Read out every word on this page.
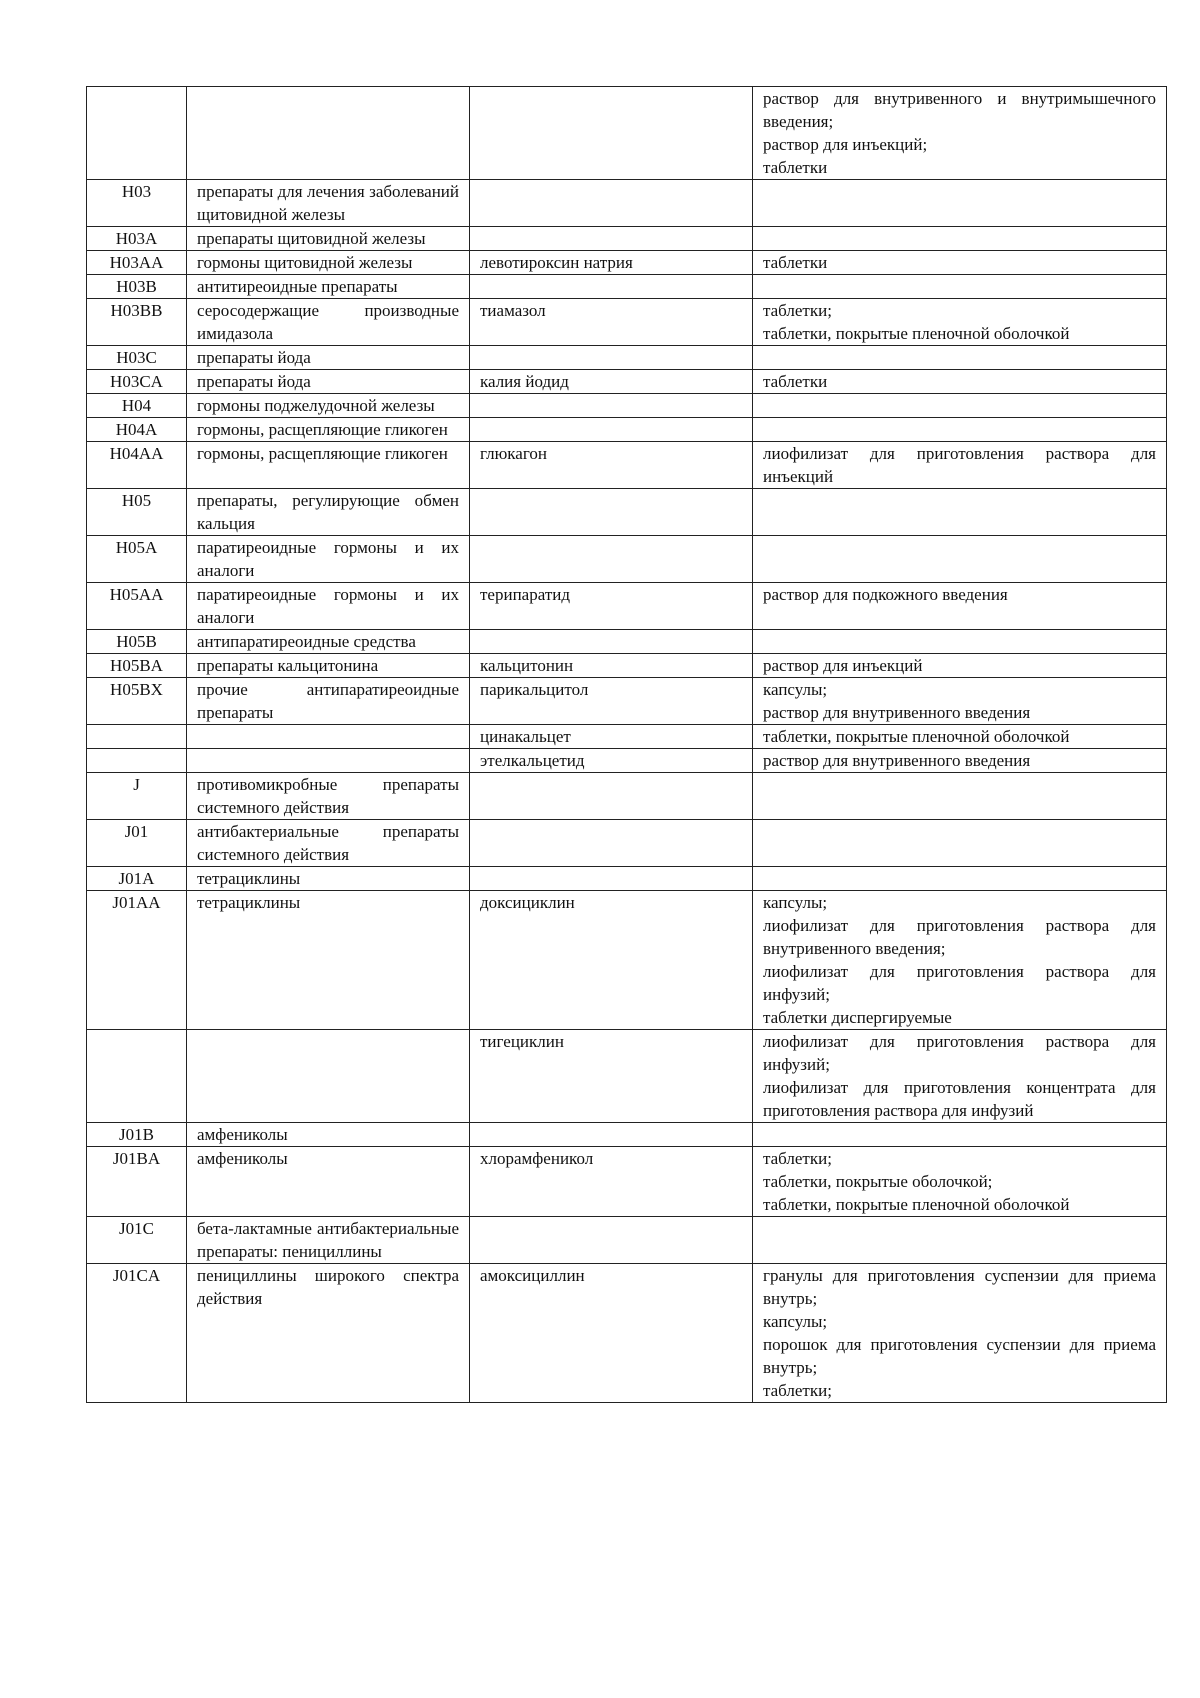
			раствор для внутривенного и внутримышечного введения;
раствор для инъекций;
таблетки

H03	препараты для лечения заболеваний щитовидной железы		
H03A	препараты щитовидной железы		
H03AA	гормоны щитовидной железы	левотироксин натрия	таблетки

H03B	антитиреоидные препараты		
H03BB	серосодержащие производные имидазола	тиамазол	таблетки;
таблетки, покрытые пленочной оболочкой

H03C	препараты йода		
H03CA	препараты йода	калия йодид	таблетки

H04	гормоны поджелудочной железы		
H04A	гормоны, расщепляющие гликоген		
H04AA	гормоны, расщепляющие гликоген	глюкагон	лиофилизат для приготовления раствора для инъекций

H05	препараты, регулирующие обмен кальция		
H05A	паратиреоидные гормоны и их аналоги		
H05AA	паратиреоидные гормоны и их аналоги	терипаратид	раствор для подкожного введения

H05B	антипаратиреоидные средства		
H05BA	препараты кальцитонина	кальцитонин	раствор для инъекций

H05BX	прочие антипаратиреоидные препараты	парикальцитол	капсулы;
раствор для внутривенного введения

		цинакальцет	таблетки, покрытые пленочной оболочкой

		этелкальцетид	раствор для внутривенного введения

J	противомикробные препараты системного действия		
J01	антибактериальные препараты системного действия		
J01A	тетрациклины		
J01AA	тетрациклины	доксициклин	капсулы;
лиофилизат для приготовления раствора для внутривенного введения;
лиофилизат для приготовления раствора для инфузий;
таблетки диспергируемые

		тигециклин	лиофилизат для приготовления раствора для инфузий;
лиофилизат для приготовления концентрата для приготовления раствора для инфузий

J01B	амфениколы		
J01BA	амфениколы	хлорамфеникол	таблетки;
таблетки, покрытые оболочкой;
таблетки, покрытые пленочной оболочкой

J01C	бета-лактамные антибактериальные препараты: пенициллины		
J01CA	пенициллины широкого спектра действия	амоксициллин	гранулы для приготовления суспензии для приема внутрь;
капсулы;
порошок для приготовления суспензии для приема внутрь;
таблетки;
